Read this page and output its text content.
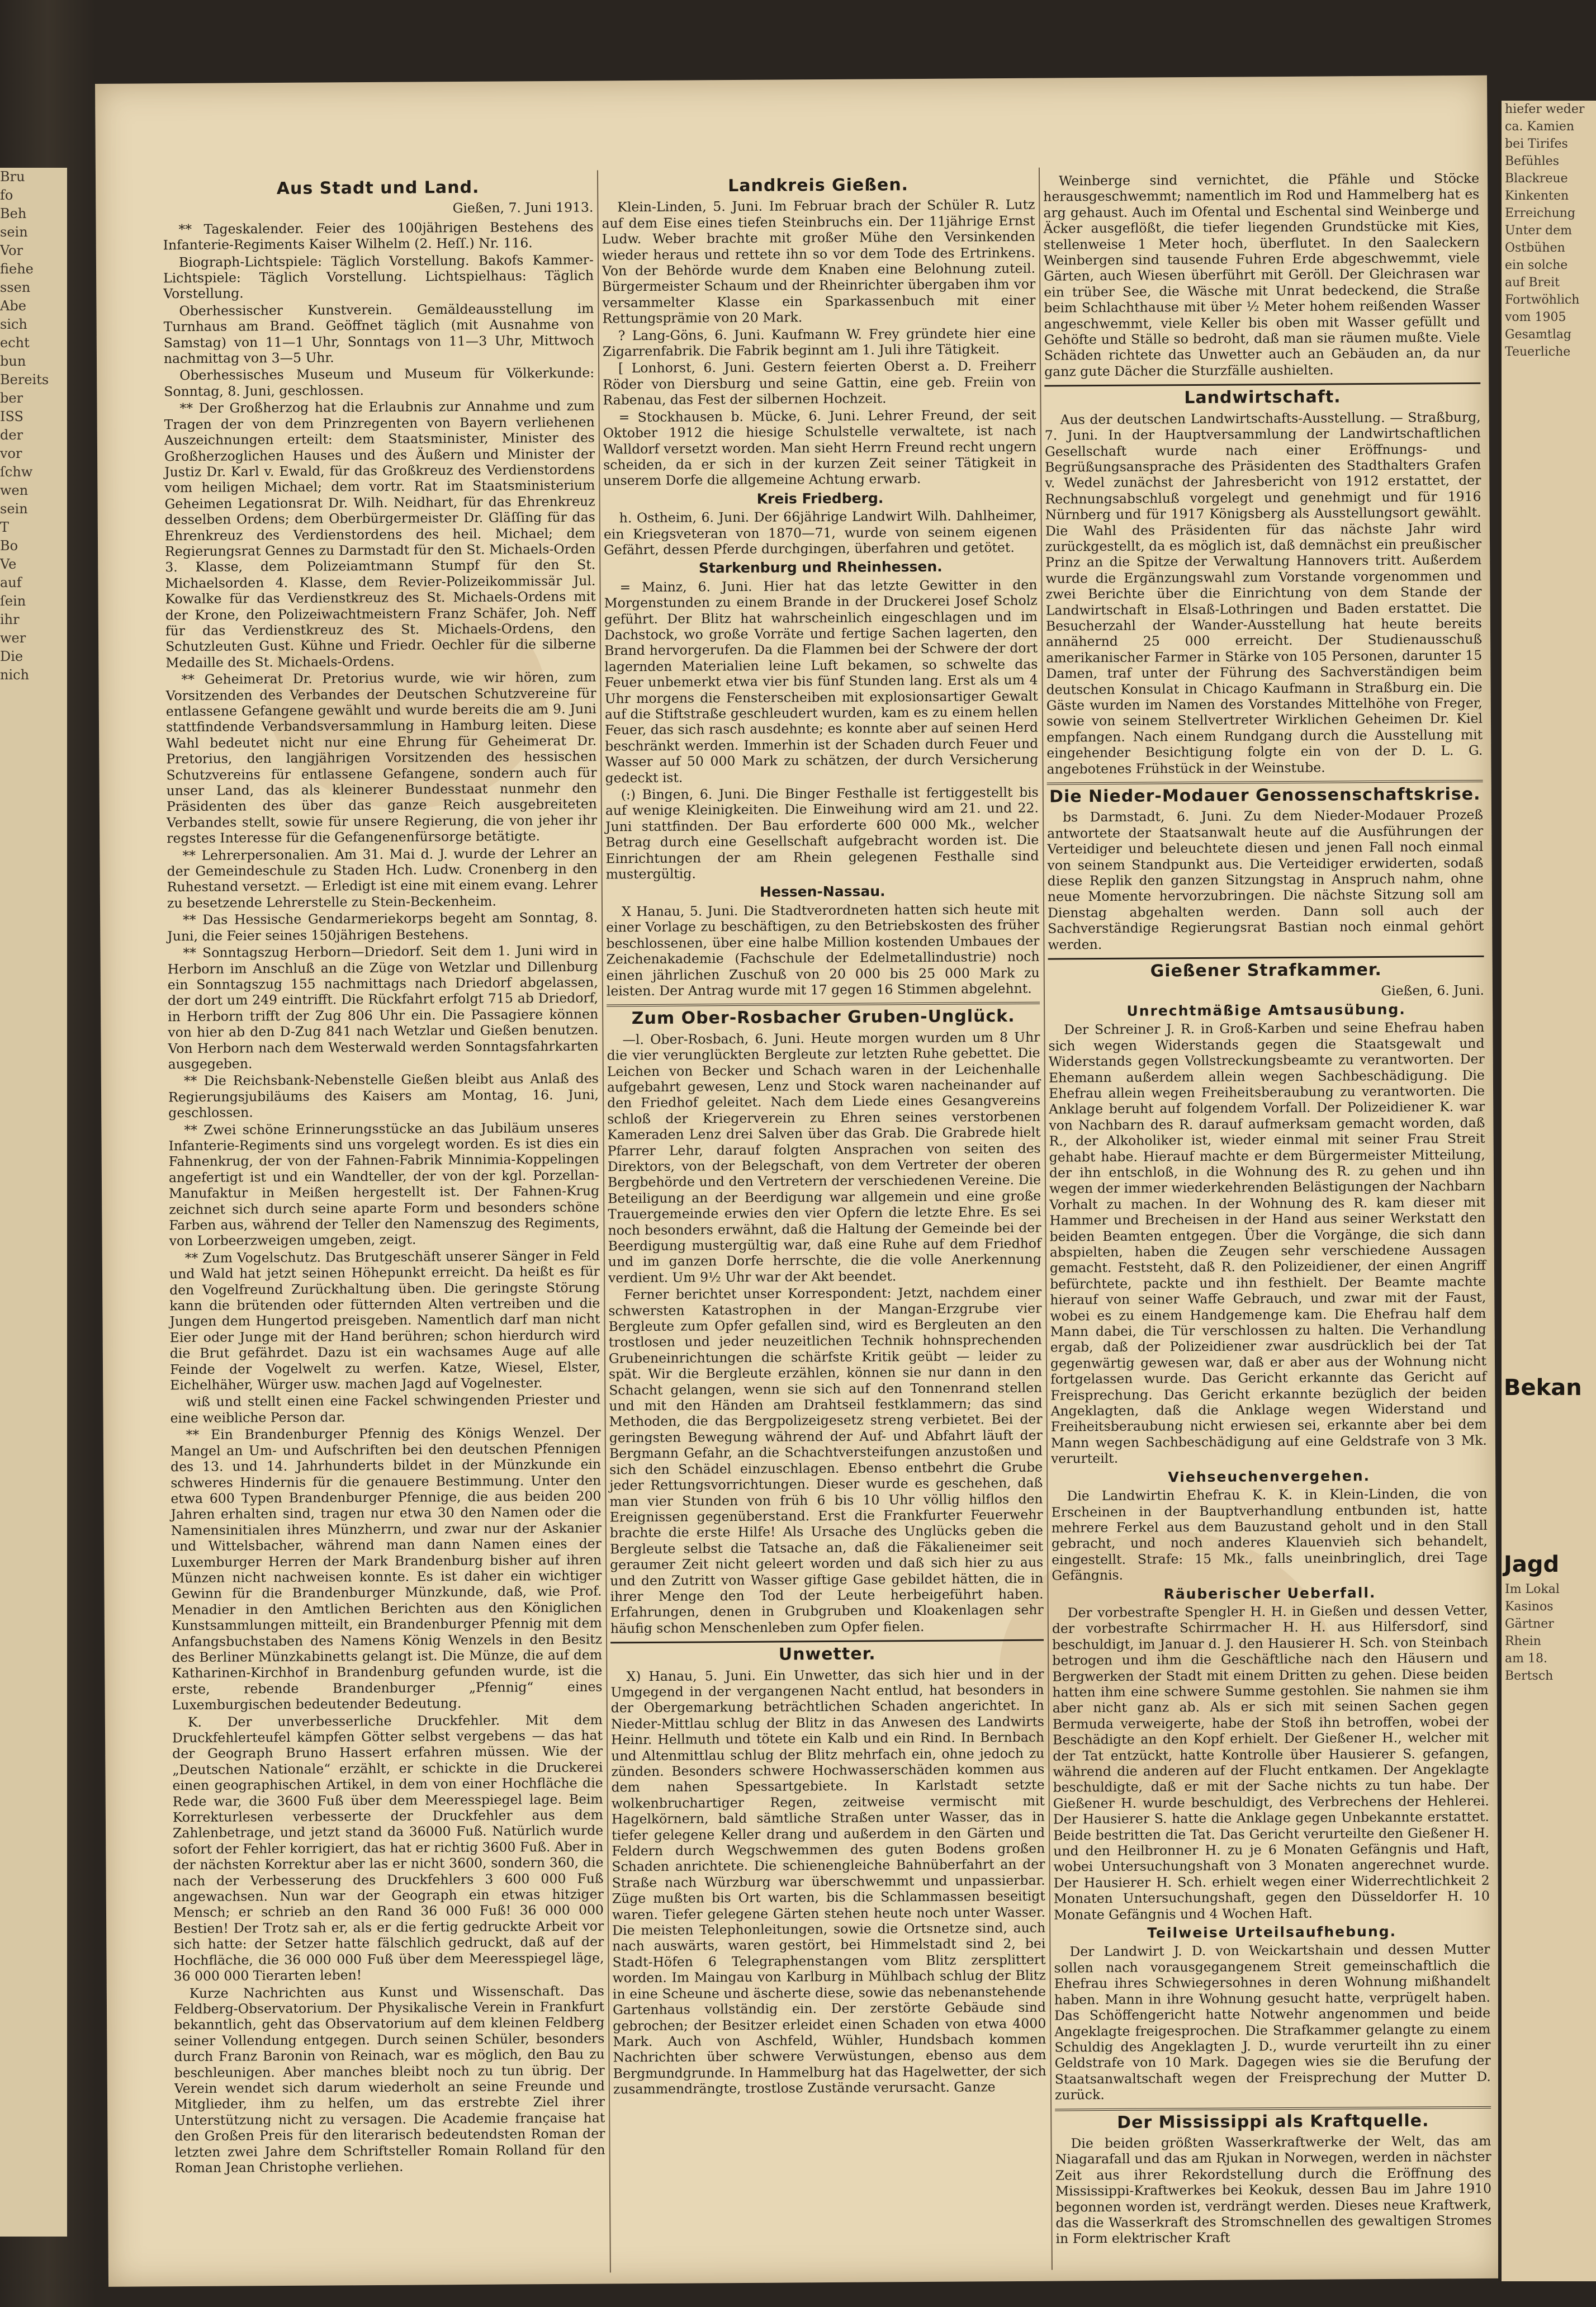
Bru

fo

Beh

sein

Vor

fiehe

ssen

Abe

sich

echt

bun

Bereits

ber

ISS

der

vor

ſchw

wen

sein

T

Bo

Ve

auf

ſein

ihr

wer

Die

nich

Aus Stadt und Land.

Gießen, 7. Juni 1913.

** Tageskalender. Feier des 100jährigen Bestehens des Infanterie-Regiments Kaiser Wilhelm (2. Heſſ.) Nr. 116.

Biograph-Lichtspiele: Täglich Vorstellung. Bakofs Kammer-Lichtspiele: Täglich Vorstellung. Lichtspielhaus: Täglich Vorstellung.

Oberhessischer Kunstverein. Gemäldeausstellung im Turnhaus am Brand. Geöffnet täglich (mit Ausnahme von Samstag) von 11—1 Uhr, Sonntags von 11—3 Uhr, Mittwoch nachmittag von 3—5 Uhr.

Oberhessisches Museum und Museum für Völkerkunde: Sonntag, 8. Juni, geschlossen.

** Der Großherzog hat die Erlaubnis zur Annahme und zum Tragen der von dem Prinzregenten von Bayern verliehenen Auszeichnungen erteilt: dem Staatsminister, Minister des Großherzoglichen Hauses und des Äußern und Minister der Justiz Dr. Karl v. Ewald, für das Großkreuz des Verdienstordens vom heiligen Michael; dem vortr. Rat im Staatsministerium Geheimen Legationsrat Dr. Wilh. Neidhart, für das Ehrenkreuz desselben Ordens; dem Oberbürgermeister Dr. Gläſſing für das Ehrenkreuz des Verdienstordens des heil. Michael; dem Regierungsrat Gennes zu Darmstadt für den St. Michaels-Orden 3. Klasse, dem Polizeiamtmann Stumpf für den St. Michaelsorden 4. Klasse, dem Revier-Polizeikommissär Jul. Kowalke für das Verdienstkreuz des St. Michaels-Ordens mit der Krone, den Polizeiwachtmeistern Franz Schäfer, Joh. Neff für das Verdienstkreuz des St. Michaels-Ordens, den Schutzleuten Gust. Kühne und Friedr. Oechler für die silberne Medaille des St. Michaels-Ordens.

** Geheimerat Dr. Pretorius wurde, wie wir hören, zum Vorsitzenden des Verbandes der Deutschen Schutzvereine für entlassene Gefangene gewählt und wurde bereits die am 9. Juni stattfindende Verbandsversammlung in Hamburg leiten. Diese Wahl bedeutet nicht nur eine Ehrung für Geheimerat Dr. Pretorius, den langjährigen Vorsitzenden des hessischen Schutzvereins für entlassene Gefangene, sondern auch für unser Land, das als kleinerer Bundesstaat nunmehr den Präsidenten des über das ganze Reich ausgebreiteten Verbandes stellt, sowie für unsere Regierung, die von jeher ihr regstes Interesse für die Gefangenenfürsorge betätigte.

** Lehrerpersonalien. Am 31. Mai d. J. wurde der Lehrer an der Gemeindeschule zu Staden Hch. Ludw. Cronenberg in den Ruhestand versetzt. — Erledigt ist eine mit einem evang. Lehrer zu besetzende Lehrerstelle zu Stein-Beckenheim.

** Das Hessische Gendarmeriekorps begeht am Sonntag, 8. Juni, die Feier seines 150jährigen Bestehens.

** Sonntagszug Herborn—Driedorf. Seit dem 1. Juni wird in Herborn im Anschluß an die Züge von Wetzlar und Dillenburg ein Sonntagszug 155 nachmittags nach Driedorf abgelassen, der dort um 249 eintrifft. Die Rückfahrt erfolgt 715 ab Driedorf, in Herborn trifft der Zug 806 Uhr ein. Die Passagiere können von hier ab den D-Zug 841 nach Wetzlar und Gießen benutzen. Von Herborn nach dem Westerwald werden Sonntagsfahrkarten ausgegeben.

** Die Reichsbank-Nebenstelle Gießen bleibt aus Anlaß des Regierungsjubiläums des Kaisers am Montag, 16. Juni, geschlossen.

** Zwei schöne Erinnerungsstücke an das Jubiläum unseres Infanterie-Regiments sind uns vorgelegt worden. Es ist dies ein Fahnenkrug, der von der Fahnen-Fabrik Minnimia-Koppelingen angefertigt ist und ein Wandteller, der von der kgl. Porzellan-Manufaktur in Meißen hergestellt ist. Der Fahnen-Krug zeichnet sich durch seine aparte Form und besonders schöne Farben aus, während der Teller den Namenszug des Regiments, von Lorbeerzweigen umgeben, zeigt.

** Zum Vogelschutz. Das Brutgeschäft unserer Sänger in Feld und Wald hat jetzt seinen Höhepunkt erreicht. Da heißt es für den Vogelfreund Zurückhaltung üben. Die geringste Störung kann die brütenden oder fütternden Alten vertreiben und die Jungen dem Hungertod preisgeben. Namentlich darf man nicht Eier oder Junge mit der Hand berühren; schon hierdurch wird die Brut gefährdet. Dazu ist ein wachsames Auge auf alle Feinde der Vogelwelt zu werfen. Katze, Wiesel, Elster, Eichelhäher, Würger usw. machen Jagd auf Vogelnester.

wiß und stellt einen eine Fackel schwingenden Priester und eine weibliche Person dar.

** Ein Brandenburger Pfennig des Königs Wenzel. Der Mangel an Um- und Aufschriften bei den deutschen Pfennigen des 13. und 14. Jahrhunderts bildet in der Münzkunde ein schweres Hindernis für die genauere Bestimmung. Unter den etwa 600 Typen Brandenburger Pfennige, die aus beiden 200 Jahren erhalten sind, tragen nur etwa 30 den Namen oder die Namensinitialen ihres Münzherrn, und zwar nur der Askanier und Wittelsbacher, während man dann Namen eines der Luxemburger Herren der Mark Brandenburg bisher auf ihren Münzen nicht nachweisen konnte. Es ist daher ein wichtiger Gewinn für die Brandenburger Münzkunde, daß, wie Prof. Menadier in den Amtlichen Berichten aus den Königlichen Kunstsammlungen mitteilt, ein Brandenburger Pfennig mit dem Anfangsbuchstaben des Namens König Wenzels in den Besitz des Berliner Münzkabinetts gelangt ist. Die Münze, die auf dem Katharinen-Kirchhof in Brandenburg gefunden wurde, ist die erste, rebende Brandenburger „Pfennig“ eines Luxemburgischen bedeutender Bedeutung.

K. Der unverbesserliche Druckfehler. Mit dem Druckfehlerteufel kämpfen Götter selbst vergebens — das hat der Geograph Bruno Hassert erfahren müssen. Wie der „Deutschen Nationale“ erzählt, er schickte in die Druckerei einen geographischen Artikel, in dem von einer Hochfläche die Rede war, die 3600 Fuß über dem Meeresspiegel lage. Beim Korrekturlesen verbesserte der Druckfehler aus dem Zahlenbetrage, und jetzt stand da 36000 Fuß. Natürlich wurde sofort der Fehler korrigiert, das hat er richtig 3600 Fuß. Aber in der nächsten Korrektur aber las er nicht 3600, sondern 360, die nach der Verbesserung des Druckfehlers 3 600 000 Fuß angewachsen. Nun war der Geograph ein etwas hitziger Mensch; er schrieb an den Rand 36 000 Fuß! 36 000 000 Bestien! Der Trotz sah er, als er die fertig gedruckte Arbeit vor sich hatte: der Setzer hatte fälschlich gedruckt, daß auf der Hochfläche, die 36 000 000 Fuß über dem Meeresspiegel läge, 36 000 000 Tierarten leben!

Kurze Nachrichten aus Kunst und Wissenschaft. Das Feldberg-Observatorium. Der Physikalische Verein in Frankfurt bekanntlich, geht das Observatorium auf dem kleinen Feldberg seiner Vollendung entgegen. Durch seinen Schüler, besonders durch Franz Baronin von Reinach, war es möglich, den Bau zu beschleunigen. Aber manches bleibt noch zu tun übrig. Der Verein wendet sich darum wiederholt an seine Freunde und Mitglieder, ihm zu helfen, um das erstrebte Ziel ihrer Unterstützung nicht zu versagen. Die Academie française hat den Großen Preis für den literarisch bedeutendsten Roman der letzten zwei Jahre dem Schriftsteller Romain Rolland für den Roman Jean Christophe verliehen.

Landkreis Gießen.

Klein-Linden, 5. Juni. Im Februar brach der Schüler R. Lutz auf dem Eise eines tiefen Steinbruchs ein. Der 11jährige Ernst Ludw. Weber brachte mit großer Mühe den Versinkenden wieder heraus und rettete ihn so vor dem Tode des Ertrinkens. Von der Behörde wurde dem Knaben eine Belohnung zuteil. Bürgermeister Schaum und der Rheinrichter übergaben ihm vor versammelter Klasse ein Sparkassenbuch mit einer Rettungsprämie von 20 Mark.

? Lang-Göns, 6. Juni. Kaufmann W. Frey gründete hier eine Zigarrenfabrik. Die Fabrik beginnt am 1. Juli ihre Tätigkeit.

[ Lonhorst, 6. Juni. Gestern feierten Oberst a. D. Freiherr Röder von Diersburg und seine Gattin, eine geb. Freiin von Rabenau, das Fest der silbernen Hochzeit.

= Stockhausen b. Mücke, 6. Juni. Lehrer Freund, der seit Oktober 1912 die hiesige Schulstelle verwaltete, ist nach Walldorf versetzt worden. Man sieht Herrn Freund recht ungern scheiden, da er sich in der kurzen Zeit seiner Tätigkeit in unserem Dorfe die allgemeine Achtung erwarb.

Kreis Friedberg.

h. Ostheim, 6. Juni. Der 66jährige Landwirt Wilh. Dahlheimer, ein Kriegsveteran von 1870—71, wurde von seinem eigenen Gefährt, dessen Pferde durchgingen, überfahren und getötet.

Starkenburg und Rheinhessen.

= Mainz, 6. Juni. Hier hat das letzte Gewitter in den Morgenstunden zu einem Brande in der Druckerei Josef Scholz geführt. Der Blitz hat wahrscheinlich eingeschlagen und im Dachstock, wo große Vorräte und fertige Sachen lagerten, den Brand hervorgerufen. Da die Flammen bei der Schwere der dort lagernden Materialien leine Luft bekamen, so schwelte das Feuer unbemerkt etwa vier bis fünf Stunden lang. Erst als um 4 Uhr morgens die Fensterscheiben mit explosionsartiger Gewalt auf die Stiftstraße geschleudert wurden, kam es zu einem hellen Feuer, das sich rasch ausdehnte; es konnte aber auf seinen Herd beschränkt werden. Immerhin ist der Schaden durch Feuer und Wasser auf 50 000 Mark zu schätzen, der durch Versicherung gedeckt ist.

(:) Bingen, 6. Juni. Die Binger Festhalle ist fertiggestellt bis auf wenige Kleinigkeiten. Die Einweihung wird am 21. und 22. Juni stattfinden. Der Bau erforderte 600 000 Mk., welcher Betrag durch eine Gesellschaft aufgebracht worden ist. Die Einrichtungen der am Rhein gelegenen Festhalle sind mustergültig.

Hessen-Nassau.

X Hanau, 5. Juni. Die Stadtverordneten hatten sich heute mit einer Vorlage zu beschäftigen, zu den Betriebskosten des früher beschlossenen, über eine halbe Million kostenden Umbaues der Zeichenakademie (Fachschule der Edelmetallindustrie) noch einen jährlichen Zuschuß von 20 000 bis 25 000 Mark zu leisten. Der Antrag wurde mit 17 gegen 16 Stimmen abgelehnt.

Zum Ober-Rosbacher Gruben-Unglück.

—l. Ober-Rosbach, 6. Juni. Heute morgen wurden um 8 Uhr die vier verunglückten Bergleute zur letzten Ruhe gebettet. Die Leichen von Becker und Schach waren in der Leichenhalle aufgebahrt gewesen, Lenz und Stock waren nacheinander auf den Friedhof geleitet. Nach dem Liede eines Gesangvereins schloß der Kriegerverein zu Ehren seines verstorbenen Kameraden Lenz drei Salven über das Grab. Die Grabrede hielt Pfarrer Lehr, darauf folgten Ansprachen von seiten des Direktors, von der Belegschaft, von dem Vertreter der oberen Bergbehörde und den Vertretern der verschiedenen Vereine. Die Beteiligung an der Beerdigung war allgemein und eine große Trauergemeinde erwies den vier Opfern die letzte Ehre. Es sei noch besonders erwähnt, daß die Haltung der Gemeinde bei der Beerdigung mustergültig war, daß eine Ruhe auf dem Friedhof und im ganzen Dorfe herrschte, die die volle Anerkennung verdient. Um 9½ Uhr war der Akt beendet.

Ferner berichtet unser Korrespondent: Jetzt, nachdem einer schwersten Katastrophen in der Mangan-Erzgrube vier Bergleute zum Opfer gefallen sind, wird es Bergleuten an den trostlosen und jeder neuzeitlichen Technik hohnsprechenden Grubeneinrichtungen die schärfste Kritik geübt — leider zu spät. Wir die Bergleute erzählen, können sie nur dann in den Schacht gelangen, wenn sie sich auf den Tonnenrand stellen und mit den Händen am Drahtseil festklammern; das sind Methoden, die das Bergpolizeigesetz streng verbietet. Bei der geringsten Bewegung während der Auf- und Abfahrt läuft der Bergmann Gefahr, an die Schachtversteifungen anzustoßen und sich den Schädel einzuschlagen. Ebenso entbehrt die Grube jeder Rettungsvorrichtungen. Dieser wurde es geschehen, daß man vier Stunden von früh 6 bis 10 Uhr völlig hilflos den Ereignissen gegenüberstand. Erst die Frankfurter Feuerwehr brachte die erste Hilfe! Als Ursache des Unglücks geben die Bergleute selbst die Tatsache an, daß die Fäkalieneimer seit geraumer Zeit nicht geleert worden und daß sich hier zu aus und den Zutritt von Wasser giftige Gase gebildet hätten, die in ihrer Menge den Tod der Leute herbeigeführt haben. Erfahrungen, denen in Grubgruben und Kloakenlagen sehr häufig schon Menschenleben zum Opfer fielen.

Unwetter.

X) Hanau, 5. Juni. Ein Unwetter, das sich hier und in der Umgegend in der vergangenen Nacht entlud, hat besonders in der Obergemarkung beträchtlichen Schaden angerichtet. In Nieder-Mittlau schlug der Blitz in das Anwesen des Landwirts Heinr. Hellmuth und tötete ein Kalb und ein Rind. In Bernbach und Altenmittlau schlug der Blitz mehrfach ein, ohne jedoch zu zünden. Besonders schwere Hochwasserschäden kommen aus dem nahen Spessartgebiete. In Karlstadt setzte wolkenbruchartiger Regen, zeitweise vermischt mit Hagelkörnern, bald sämtliche Straßen unter Wasser, das in tiefer gelegene Keller drang und außerdem in den Gärten und Feldern durch Wegschwemmen des guten Bodens großen Schaden anrichtete. Die schienengleiche Bahnüberfahrt an der Straße nach Würzburg war überschwemmt und unpassierbar. Züge mußten bis Ort warten, bis die Schlammassen beseitigt waren. Tiefer gelegene Gärten stehen heute noch unter Wasser. Die meisten Telephonleitungen, sowie die Ortsnetze sind, auch nach auswärts, waren gestört, bei Himmelstadt sind 2, bei Stadt-Höfen 6 Telegraphenstangen vom Blitz zersplittert worden. Im Maingau von Karlburg in Mühlbach schlug der Blitz in eine Scheune und äscherte diese, sowie das nebenanstehende Gartenhaus vollständig ein. Der zerstörte Gebäude sind gebrochen; der Besitzer erleidet einen Schaden von etwa 4000 Mark. Auch von Aschfeld, Wühler, Hundsbach kommen Nachrichten über schwere Verwüstungen, ebenso aus dem Bergmundgrunde. In Hammelburg hat das Hagelwetter, der sich zusammendrängte, trostlose Zustände verursacht. Ganze

Weinberge sind vernichtet, die Pfähle und Stöcke herausgeschwemmt; namentlich im Rod und Hammelberg hat es arg gehaust. Auch im Ofental und Eschental sind Weinberge und Äcker ausgeflößt, die tiefer liegenden Grundstücke mit Kies, stellenweise 1 Meter hoch, überflutet. In den Saaleckern Weinbergen sind tausende Fuhren Erde abgeschwemmt, viele Gärten, auch Wiesen überführt mit Geröll. Der Gleichrasen war ein trüber See, die Wäsche mit Unrat bedeckend, die Straße beim Schlachthause mit über ½ Meter hohem reißenden Wasser angeschwemmt, viele Keller bis oben mit Wasser gefüllt und Gehöfte und Ställe so bedroht, daß man sie räumen mußte. Viele Schäden richtete das Unwetter auch an Gebäuden an, da nur ganz gute Dächer die Sturzfälle aushielten.

Landwirtschaft.

Aus der deutschen Landwirtschafts-Ausstellung. — Straßburg, 7. Juni. In der Hauptversammlung der Landwirtschaftlichen Gesellschaft wurde nach einer Eröffnungs- und Begrüßungsansprache des Präsidenten des Stadthalters Grafen v. Wedel zunächst der Jahresbericht von 1912 erstattet, der Rechnungsabschluß vorgelegt und genehmigt und für 1916 Nürnberg und für 1917 Königsberg als Ausstellungsort gewählt. Die Wahl des Präsidenten für das nächste Jahr wird zurückgestellt, da es möglich ist, daß demnächst ein preußischer Prinz an die Spitze der Verwaltung Hannovers tritt. Außerdem wurde die Ergänzungswahl zum Vorstande vorgenommen und zwei Berichte über die Einrichtung von dem Stande der Landwirtschaft in Elsaß-Lothringen und Baden erstattet. Die Besucherzahl der Wander-Ausstellung hat heute bereits annähernd 25 000 erreicht. Der Studienausschuß amerikanischer Farmer in Stärke von 105 Personen, darunter 15 Damen, traf unter der Führung des Sachverständigen beim deutschen Konsulat in Chicago Kaufmann in Straßburg ein. Die Gäste wurden im Namen des Vorstandes Mittelhöhe von Freger, sowie von seinem Stellvertreter Wirklichen Geheimen Dr. Kiel empfangen. Nach einem Rundgang durch die Ausstellung mit eingehender Besichtigung folgte ein von der D. L. G. angebotenes Frühstück in der Weinstube.

Die Nieder-Modauer Genossenschaftskrise.

bs Darmstadt, 6. Juni. Zu dem Nieder-Modauer Prozeß antwortete der Staatsanwalt heute auf die Ausführungen der Verteidiger und beleuchtete diesen und jenen Fall noch einmal von seinem Standpunkt aus. Die Verteidiger erwiderten, sodaß diese Replik den ganzen Sitzungstag in Anspruch nahm, ohne neue Momente hervorzubringen. Die nächste Sitzung soll am Dienstag abgehalten werden. Dann soll auch der Sachverständige Regierungsrat Bastian noch einmal gehört werden.

Gießener Strafkammer.

Gießen, 6. Juni.

Unrechtmäßige Amtsausübung.

Der Schreiner J. R. in Groß-Karben und seine Ehefrau haben sich wegen Widerstands gegen die Staatsgewalt und Widerstands gegen Vollstreckungsbeamte zu verantworten. Der Ehemann außerdem allein wegen Sachbeschädigung. Die Ehefrau allein wegen Freiheitsberaubung zu verantworten. Die Anklage beruht auf folgendem Vorfall. Der Polizeidiener K. war von Nachbarn des R. darauf aufmerksam gemacht worden, daß R., der Alkoholiker ist, wieder einmal mit seiner Frau Streit gehabt habe. Hierauf machte er dem Bürgermeister Mitteilung, der ihn entschloß, in die Wohnung des R. zu gehen und ihn wegen der immer wiederkehrenden Belästigungen der Nachbarn Vorhalt zu machen. In der Wohnung des R. kam dieser mit Hammer und Brecheisen in der Hand aus seiner Werkstatt den beiden Beamten entgegen. Über die Vorgänge, die sich dann abspielten, haben die Zeugen sehr verschiedene Aussagen gemacht. Feststeht, daß R. den Polizeidiener, der einen Angriff befürchtete, packte und ihn festhielt. Der Beamte machte hierauf von seiner Waffe Gebrauch, und zwar mit der Faust, wobei es zu einem Handgemenge kam. Die Ehefrau half dem Mann dabei, die Tür verschlossen zu halten. Die Verhandlung ergab, daß der Polizeidiener zwar ausdrücklich bei der Tat gegenwärtig gewesen war, daß er aber aus der Wohnung nicht fortgelassen wurde. Das Gericht erkannte das Gericht auf Freisprechung. Das Gericht erkannte bezüglich der beiden Angeklagten, daß die Anklage wegen Widerstand und Freiheitsberaubung nicht erwiesen sei, erkannte aber bei dem Mann wegen Sachbeschädigung auf eine Geldstrafe von 3 Mk. verurteilt.

Viehseuchenvergehen.

Die Landwirtin Ehefrau K. K. in Klein-Linden, die von Erscheinen in der Bauptverhandlung entbunden ist, hatte mehrere Ferkel aus dem Bauzustand geholt und in den Stall gebracht, und noch anderes Klauenvieh sich behandelt, eingestellt. Strafe: 15 Mk., falls uneinbringlich, drei Tage Gefängnis.

Räuberischer Ueberfall.

Der vorbestrafte Spengler H. H. in Gießen und dessen Vetter, der vorbestrafte Schirrmacher H. H. aus Hilfersdorf, sind beschuldigt, im Januar d. J. den Hausierer H. Sch. von Steinbach betrogen und ihm die Geschäftliche nach den Häusern und Bergwerken der Stadt mit einem Dritten zu gehen. Diese beiden hatten ihm eine schwere Summe gestohlen. Sie nahmen sie ihm aber nicht ganz ab. Als er sich mit seinen Sachen gegen Bermuda verweigerte, habe der Stoß ihn betroffen, wobei der Beschädigte an den Kopf erhielt. Der Gießener H., welcher mit der Tat entzückt, hatte Kontrolle über Hausierer S. gefangen, während die anderen auf der Flucht entkamen. Der Angeklagte beschuldigte, daß er mit der Sache nichts zu tun habe. Der Gießener H. wurde beschuldigt, des Verbrechens der Hehlerei. Der Hausierer S. hatte die Anklage gegen Unbekannte erstattet. Beide bestritten die Tat. Das Gericht verurteilte den Gießener H. und den Heilbronner H. zu je 6 Monaten Gefängnis und Haft, wobei Untersuchungshaft von 3 Monaten angerechnet wurde. Der Hausierer H. Sch. erhielt wegen einer Widerrechtlichkeit 2 Monaten Untersuchungshaft, gegen den Düsseldorfer H. 10 Monate Gefängnis und 4 Wochen Haft.

Teilweise Urteilsaufhebung.

Der Landwirt J. D. von Weickartshain und dessen Mutter sollen nach vorausgegangenem Streit gemeinschaftlich die Ehefrau ihres Schwiegersohnes in deren Wohnung mißhandelt haben. Mann in ihre Wohnung gesucht hatte, verprügelt haben. Das Schöffengericht hatte Notwehr angenommen und beide Angeklagte freigesprochen. Die Strafkammer gelangte zu einem Schuldig des Angeklagten J. D., wurde verurteilt ihn zu einer Geldstrafe von 10 Mark. Dagegen wies sie die Berufung der Staatsanwaltschaft wegen der Freisprechung der Mutter D. zurück.

Der Mississippi als Kraftquelle.

Die beiden größten Wasserkraftwerke der Welt, das am Niagarafall und das am Rjukan in Norwegen, werden in nächster Zeit aus ihrer Rekordstellung durch die Eröffnung des Mississippi-Kraftwerkes bei Keokuk, dessen Bau im Jahre 1910 begonnen worden ist, verdrängt werden. Dieses neue Kraftwerk, das die Wasserkraft des Stromschnellen des gewaltigen Stromes in Form elektrischer Kraft

hiefer weder

ca. Kamien

bei Tirifes

Befühles

Blackreue

Kinkenten

Erreichung

Unter dem

Ostbühen

ein solche

auf Breit

Fortwöhlich

vom 1905

Gesamtlag

Teuerliche

Bekan
Jagd

Im Lokal

Kasinos

Gärtner

Rhein

am 18.

Bertsch
